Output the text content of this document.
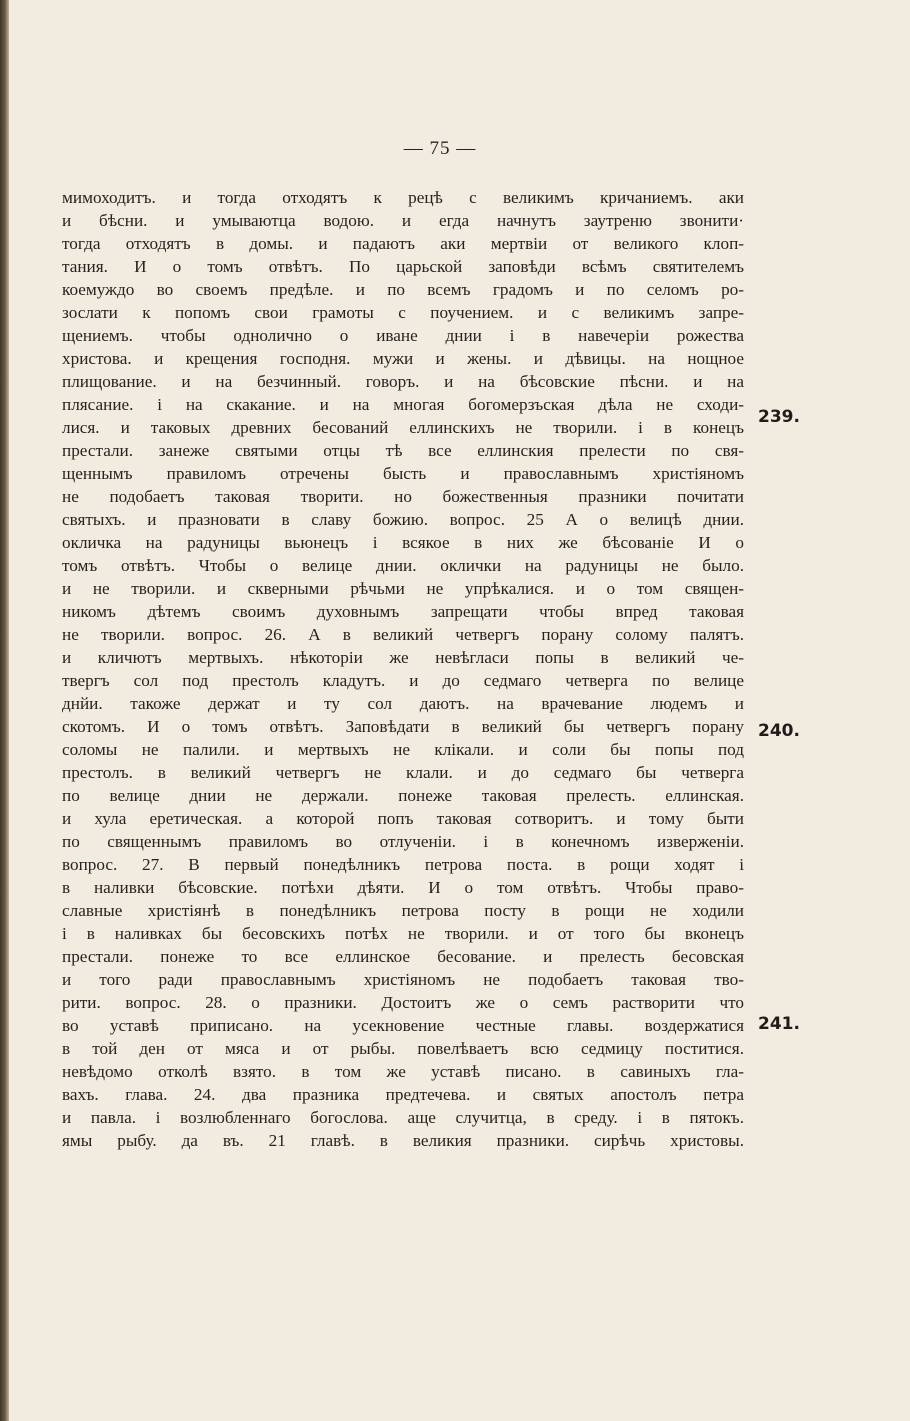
— 75 —
мимоходитъ. и тогда отходятъ к рецѣ с великимъ кричаниемъ. аки
и бѣсни. и умываютца водою. и егда начнутъ заутреню звонити·
тогда отходятъ в домы. и падаютъ аки мертвіи от великого клоп-
тания. И о томъ отвѣтъ. По царьской заповѣди всѣмъ святителемъ
коемуждо во своемъ предѣле. и по всемъ градомъ и по селомъ ро-
зослати к попомъ свои грамоты с поучением. и с великимъ запре-
щениемъ. чтобы однолично о иване днии і в навечеріи рожества
христова. и крещения господня. мужи и жены. и дѣвицы. на нощное
плищование. и на безчинный. говоръ. и на бѣсовские пѣсни. и на
плясание. і на скакание. и на многая богомерзъская дѣла не сходи-
лися. и таковых древних бесований еллинскихъ не творили. і в конецъ
престали. занеже святыми отцы тѣ все еллинския прелести по свя-
щеннымъ правиломъ отречены бысть и православнымъ христіяномъ
не подобаетъ таковая творити. но божественныя празники почитати
святыхъ. и празновати в славу божию. вопрос. 25 А о велицѣ днии.
окличка на радуницы вьюнецъ і всякое в них же бѣсованіе И о
томъ отвѣтъ. Чтобы о велице днии. оклички на радуницы не было.
и не творили. и скверными рѣчьми не упрѣкалися. и о том священ-
никомъ дѣтемъ своимъ духовнымъ запрещати чтобы впред таковая
не творили. вопрос. 26. А в великий четвергъ порану солому палятъ.
и кличютъ мертвыхъ. нѣкоторіи же невѣгласи попы в великий че-
твергъ сол под престолъ кладутъ. и до седмаго четверга по велице
днйи. такоже держат и ту сол даютъ. на врачевание людемъ и
скотомъ. И о томъ отвѣтъ. Заповѣдати в великий бы четвергъ порану
соломы не палили. и мертвыхъ не клікали. и соли бы попы под
престолъ. в великий четвергъ не клали. и до седмаго бы четверга
по велице днии не держали. понеже таковая прелесть. еллинская.
и хула еретическая. а которой попъ таковая сотворитъ. и тому быти
по священнымъ правиломъ во отлученіи. і в конечномъ изверженіи.
вопрос. 27. В первый понедѣлникъ петрова поста. в рощи ходят і
в наливки бѣсовские. потѣхи дѣяти. И о том отвѣтъ. Чтобы право-
славные христіянѣ в понедѣлникъ петрова посту в рощи не ходили
і в наливках бы бесовскихъ потѣх не творили. и от того бы вконецъ
престали. понеже то все еллинское бесование. и прелесть бесовская
и того ради православнымъ христіяномъ не подобаетъ таковая тво-
рити. вопрос. 28. о празники. Достоитъ же о семъ растворити что
во уставѣ приписано. на усекновение честные главы. воздержатися
в той ден от мяса и от рыбы. повелѣваетъ всю седмицу поститися.
невѣдомо отколѣ взято. в том же уставѣ писано. в савиныхъ гла-
вахъ. глава. 24. два празника предтечева. и святых апостолъ петра
и павла. і возлюбленнаго богослова. аще случитца, в среду. і в пятокъ.
ямы рыбу. да въ. 21 главѣ. в великия празники. сирѣчь христовы.
239.
240.
241.
